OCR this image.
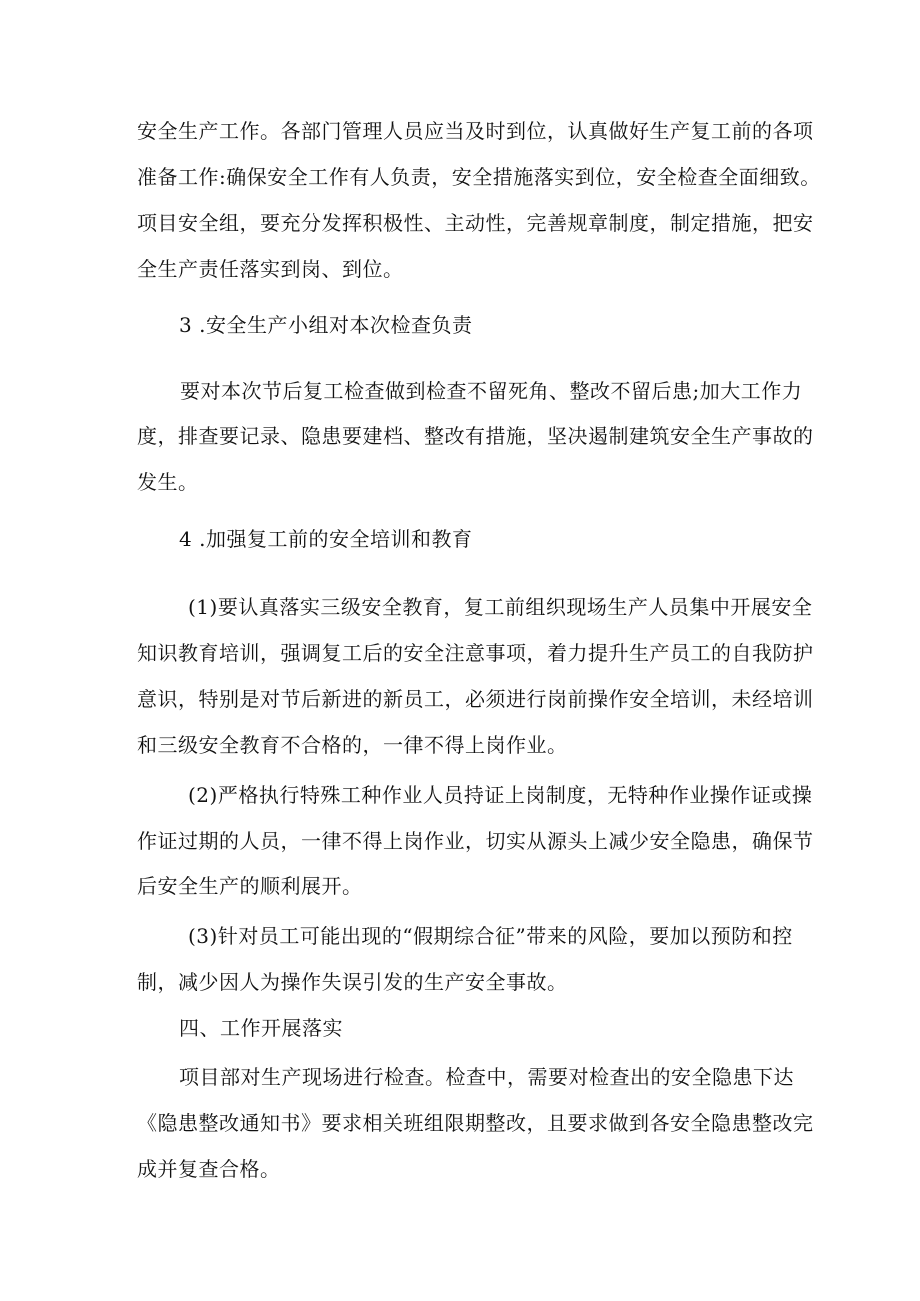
安全生产工作。各部门管理人员应当及时到位，认真做好生产复工前的各项
准备工作:确保安全工作有人负责，安全措施落实到位，安全检查全面细致。
项目安全组，要充分发挥积极性、主动性，完善规章制度，制定措施，把安
全生产责任落实到岗、到位。
3 .安全生产小组对本次检查负责
要对本次节后复工检查做到检查不留死角、整改不留后患;加大工作力
度，排查要记录、隐患要建档、整改有措施，坚决遏制建筑安全生产事故的
发生。
4 .加强复工前的安全培训和教育
(1)要认真落实三级安全教育，复工前组织现场生产人员集中开展安全
知识教育培训，强调复工后的安全注意事项，着力提升生产员工的自我防护
意识，特别是对节后新进的新员工，必须进行岗前操作安全培训，未经培训
和三级安全教育不合格的，一律不得上岗作业。
(2)严格执行特殊工种作业人员持证上岗制度，无特种作业操作证或操
作证过期的人员，一律不得上岗作业，切实从源头上减少安全隐患，确保节
后安全生产的顺利展开。
(3)针对员工可能出现的“假期综合征”带来的风险，要加以预防和控
制，减少因人为操作失误引发的生产安全事故。
四、工作开展落实
项目部对生产现场进行检查。检查中，需要对检查出的安全隐患下达
《隐患整改通知书》要求相关班组限期整改，且要求做到各安全隐患整改完
成并复查合格。
